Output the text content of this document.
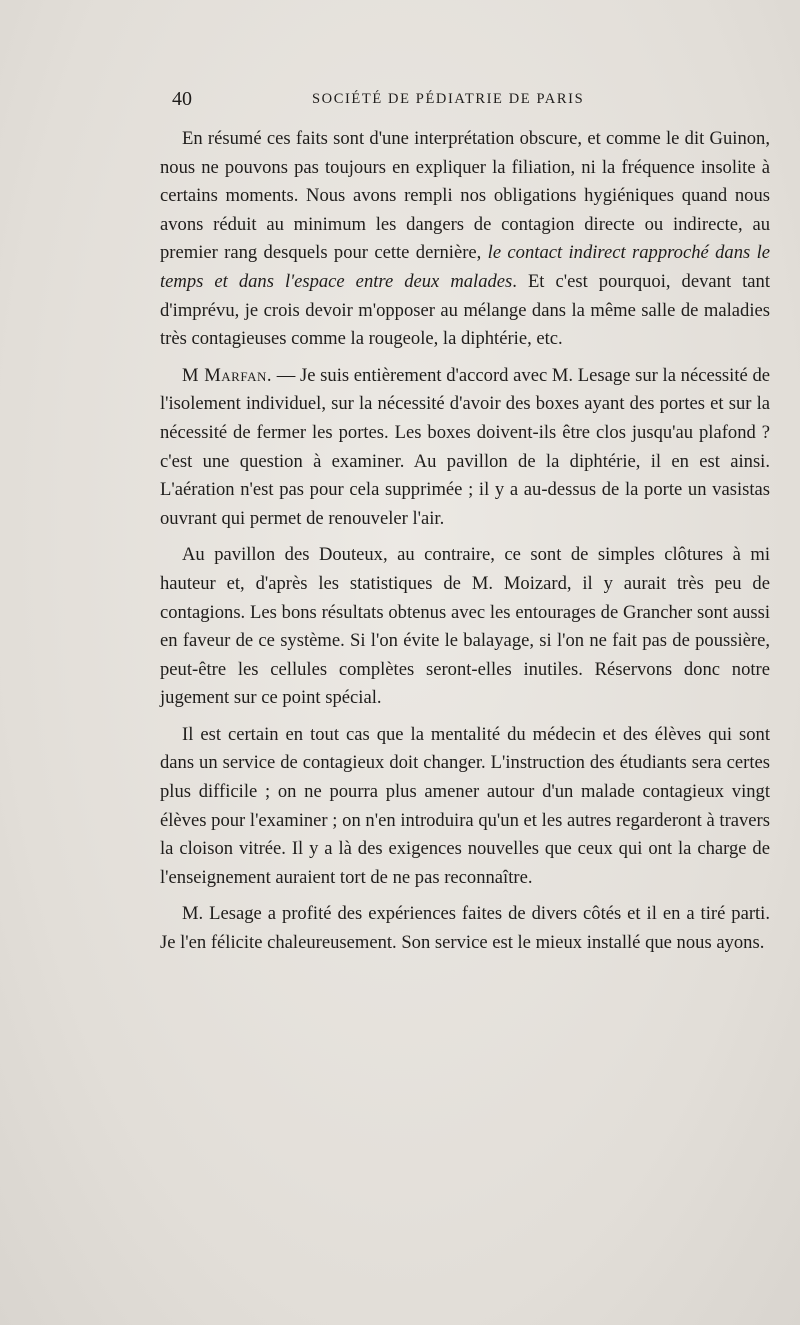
40	SOCIÉTÉ DE PÉDIATRIE DE PARIS

En résumé ces faits sont d'une interprétation obscure, et comme le dit Guinon, nous ne pouvons pas toujours en expliquer la filiation, ni la fréquence insolite à certains moments. Nous avons rempli nos obligations hygiéniques quand nous avons réduit au minimum les dangers de contagion directe ou indirecte, au premier rang desquels pour cette dernière, le contact indirect rapproché dans le temps et dans l'espace entre deux malades. Et c'est pourquoi, devant tant d'imprévu, je crois devoir m'opposer au mélange dans la même salle de maladies très contagieuses comme la rougeole, la diphtérie, etc.

M Marfan. — Je suis entièrement d'accord avec M. Lesage sur la nécessité de l'isolement individuel, sur la nécessité d'avoir des boxes ayant des portes et sur la nécessité de fermer les portes. Les boxes doivent-ils être clos jusqu'au plafond ? c'est une question à examiner. Au pavillon de la diphtérie, il en est ainsi. L'aération n'est pas pour cela supprimée ; il y a au-dessus de la porte un vasistas ouvrant qui permet de renouveler l'air.

Au pavillon des Douteux, au contraire, ce sont de simples clôtures à mi hauteur et, d'après les statistiques de M. Moizard, il y aurait très peu de contagions. Les bons résultats obtenus avec les entourages de Grancher sont aussi en faveur de ce système. Si l'on évite le balayage, si l'on ne fait pas de poussière, peut-être les cellules complètes seront-elles inutiles. Réservons donc notre jugement sur ce point spécial.

Il est certain en tout cas que la mentalité du médecin et des élèves qui sont dans un service de contagieux doit changer. L'instruction des étudiants sera certes plus difficile ; on ne pourra plus amener autour d'un malade contagieux vingt élèves pour l'examiner ; on n'en introduira qu'un et les autres regarderont à travers la cloison vitrée. Il y a là des exigences nouvelles que ceux qui ont la charge de l'enseignement auraient tort de ne pas reconnaître.

M. Lesage a profité des expériences faites de divers côtés et il en a tiré parti. Je l'en félicite chaleureusement. Son service est le mieux installé que nous ayons.
